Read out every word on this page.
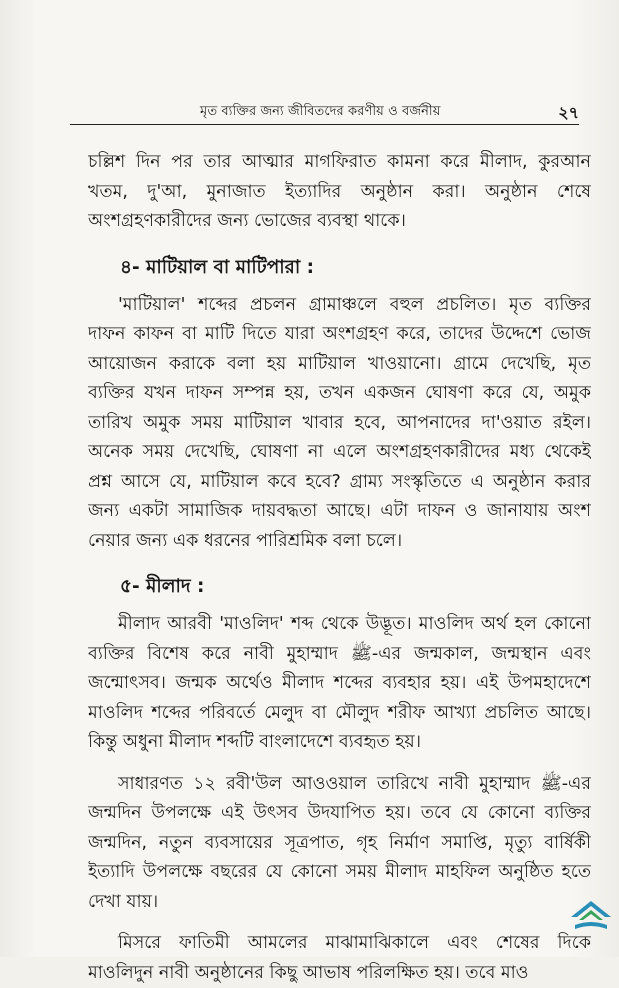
মৃত ব্যক্তির জন্য জীবিতদের করণীয় ও বর্জনীয়	২৭
চল্লিশ দিন পর তার আত্মার মাগফিরাত কামনা করে মীলাদ, কুরআন
খতম, দু'আ, মুনাজাত ইত্যাদির অনুষ্ঠান করা। অনুষ্ঠান শেষে
অংশগ্রহণকারীদের জন্য ভোজের ব্যবস্থা থাকে।
৪- মাটিয়াল বা মাটিপারা :
'মাটিয়াল' শব্দের প্রচলন গ্রামাঞ্চলে বহুল প্রচলিত। মৃত ব্যক্তির
দাফন কাফন বা মাটি দিতে যারা অংশগ্রহণ করে, তাদের উদ্দেশে ভোজ
আয়োজন করাকে বলা হয় মাটিয়াল খাওয়ানো। গ্রামে দেখেছি, মৃত
ব্যক্তির যখন দাফন সম্পন্ন হয়, তখন একজন ঘোষণা করে যে, অমুক
তারিখ অমুক সময় মাটিয়াল খাবার হবে, আপনাদের দা'ওয়াত রইল।
অনেক সময় দেখেছি, ঘোষণা না এলে অংশগ্রহণকারীদের মধ্য থেকেই
প্রশ্ন আসে যে, মাটিয়াল কবে হবে? গ্রাম্য সংস্কৃতিতে এ অনুষ্ঠান করার
জন্য একটা সামাজিক দায়বদ্ধতা আছে। এটা দাফন ও জানাযায় অংশ
নেয়ার জন্য এক ধরনের পারিশ্রমিক বলা চলে।
৫- মীলাদ :
মীলাদ আরবী 'মাওলিদ' শব্দ থেকে উদ্ভূত। মাওলিদ অর্থ হল কোনো
ব্যক্তির বিশেষ করে নাবী মুহাম্মাদ ﷺ-এর জন্মকাল, জন্মস্থান এবং
জন্মোৎসব। জন্মক অর্থেও মীলাদ শব্দের ব্যবহার হয়। এই উপমহাদেশে
মাওলিদ শব্দের পরিবর্তে মেলুদ বা মৌলুদ শরীফ আখ্যা প্রচলিত আছে।
কিন্তু অধুনা মীলাদ শব্দটি বাংলাদেশে ব্যবহৃত হয়।
সাধারণত ১২ রবী'উল আওওয়াল তারিখে নাবী মুহাম্মাদ ﷺ-এর
জন্মদিন উপলক্ষে এই উৎসব উদযাপিত হয়। তবে যে কোনো ব্যক্তির
জন্মদিন, নতুন ব্যবসায়ের সূত্রপাত, গৃহ নির্মাণ সমাপ্তি, মৃত্যু বার্ষিকী
ইত্যাদি উপলক্ষে বছরের যে কোনো সময় মীলাদ মাহফিল অনুষ্ঠিত হতে
দেখা যায়।
মিসরে ফাতিমী আমলের মাঝামাঝিকালে এবং শেষের দিকে
মাওলিদুন নাবী অনুষ্ঠানের কিছু আভাষ পরিলক্ষিত হয়। তবে মাও
